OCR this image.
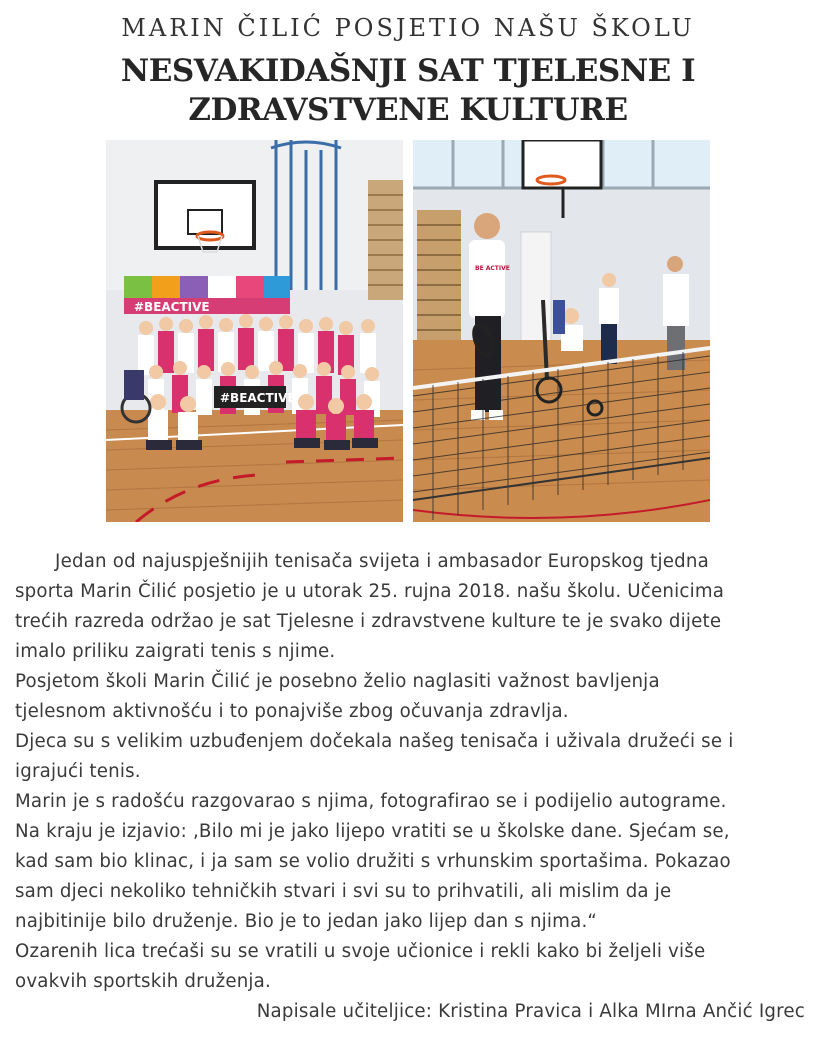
MARIN ČILIĆ POSJETIO NAŠU ŠKOLU
NESVAKIDAŠNJI SAT TJELESNE I
ZDRAVSTVENE KULTURE
#BEACTIVE
#BEACTIVE
BE ACTIVE

Jedan od najuspješnijih tenisača svijeta i ambasador Europskog tjedna

sporta Marin Čilić posjetio je u utorak 25. rujna 2018. našu školu. Učenicima

trećih razreda održao je sat Tjelesne i zdravstvene kulture te je svako dijete

imalo priliku zaigrati tenis s njime.

Posjetom školi Marin Čilić je posebno želio naglasiti važnost bavljenja

tjelesnom aktivnošću i to ponajviše zbog očuvanja zdravlja.

Djeca su s velikim uzbuđenjem dočekala našeg tenisača i uživala družeći se i

igrajući tenis.

Marin je s radošću razgovarao s njima, fotografirao se i podijelio autograme.

Na kraju je izjavio: ‚Bilo mi je jako lijepo vratiti se u školske dane. Sjećam se,

kad sam bio klinac, i ja sam se volio družiti s vrhunskim sportašima. Pokazao

sam djeci nekoliko tehničkih stvari i svi su to prihvatili, ali mislim da je

najbitinije bilo druženje. Bio je to jedan jako lijep dan s njima.“

Ozarenih lica trećaši su se vratili u svoje učionice i rekli kako bi željeli više

ovakvih sportskih druženja.

Napisale učiteljice: Kristina Pravica i Alka MIrna Ančić Igrec
